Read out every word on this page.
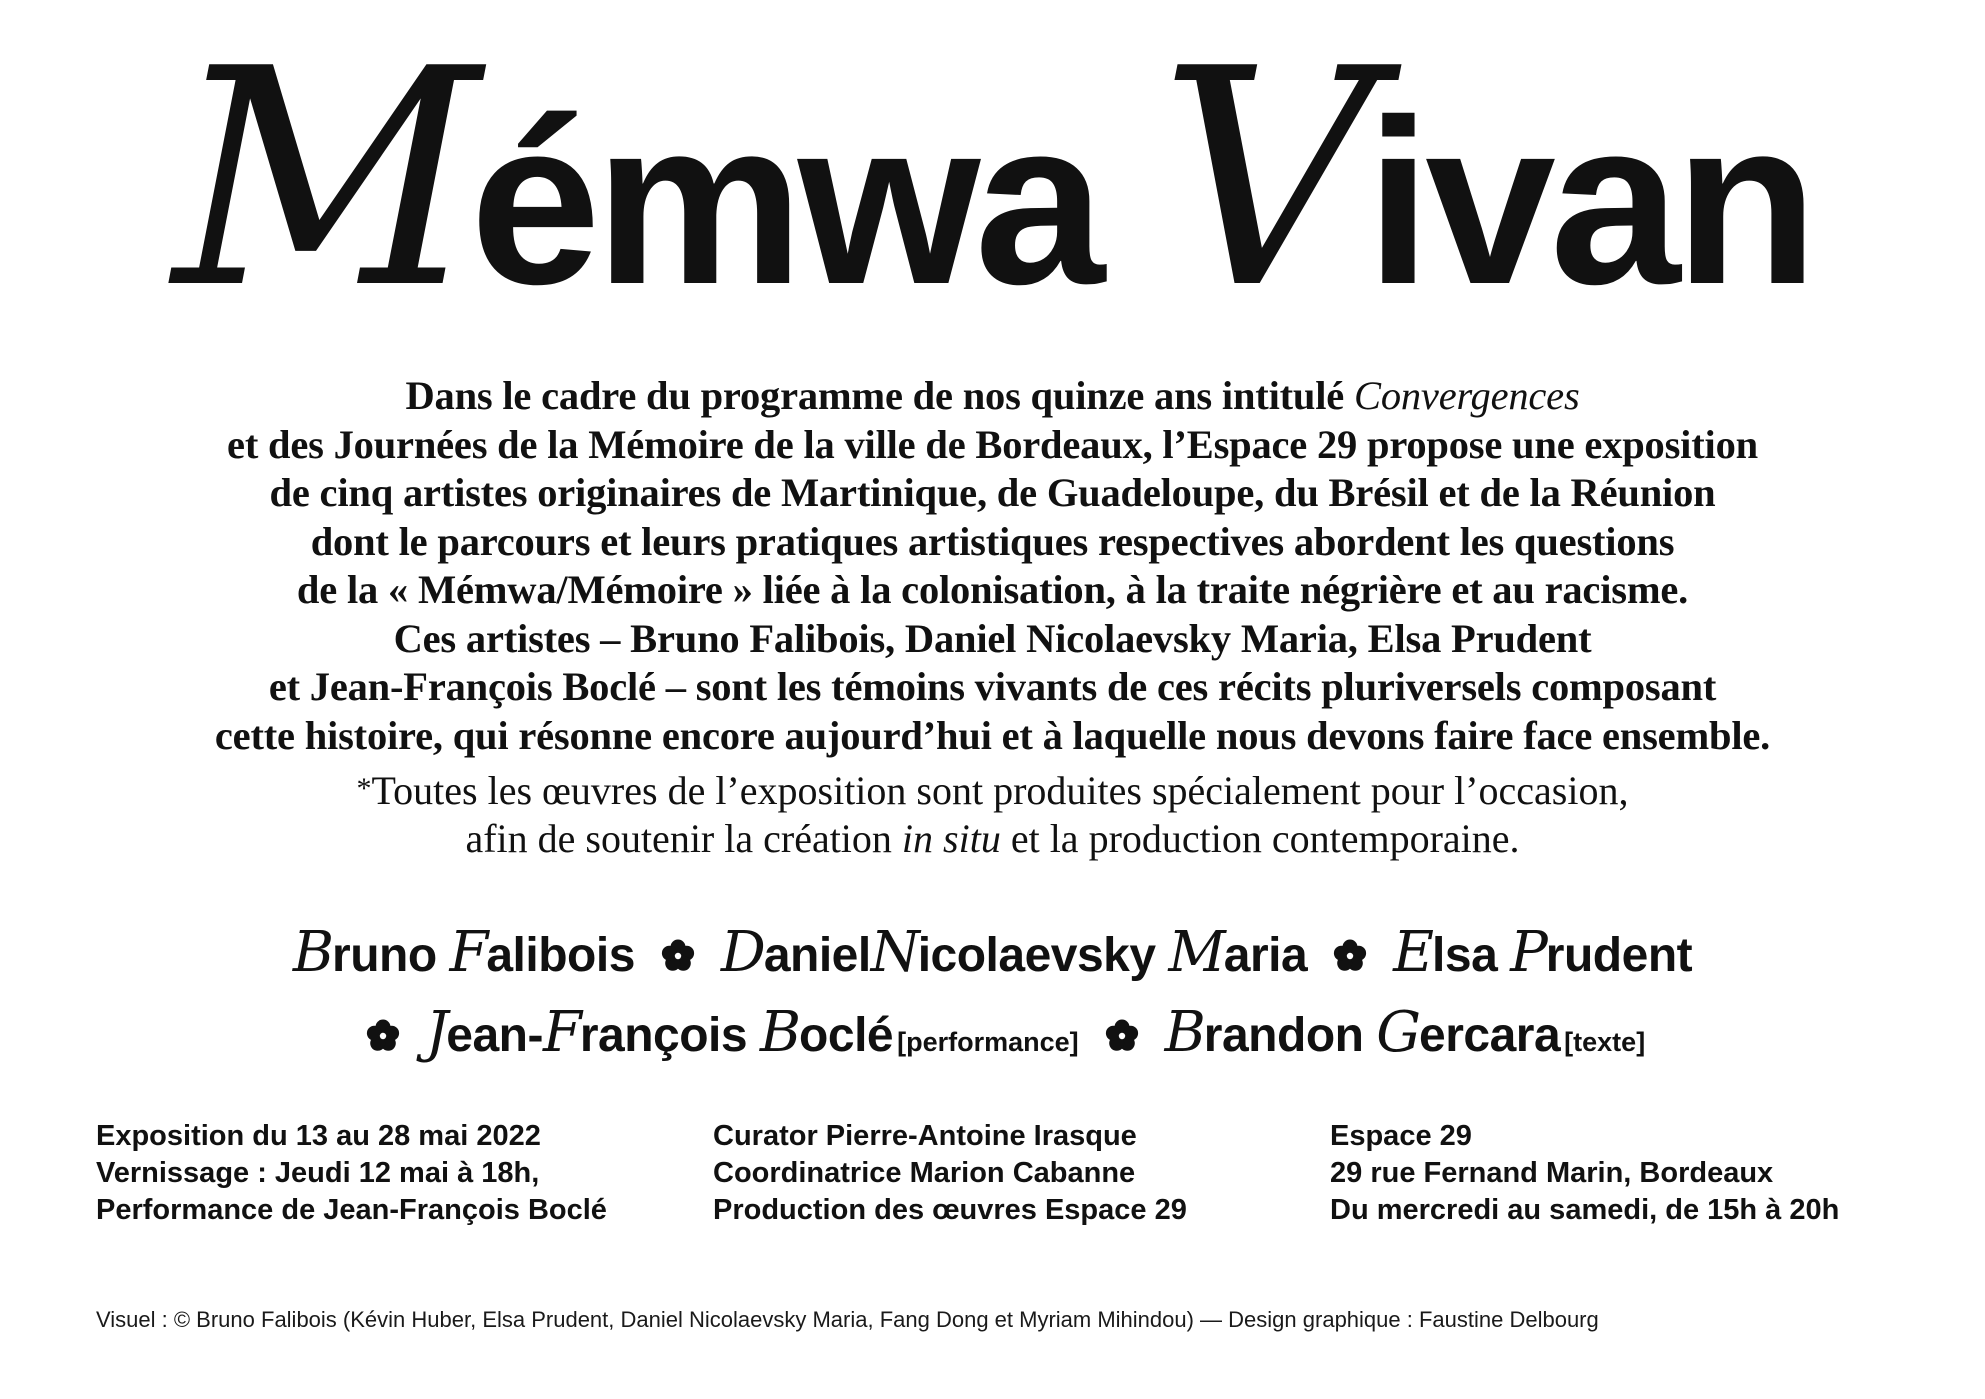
Mémwa Vivan
Dans le cadre du programme de nos quinze ans intitulé Convergences
et des Journées de la Mémoire de la ville de Bordeaux, l’Espace 29 propose une exposition
de cinq artistes originaires de Martinique, de Guadeloupe, du Brésil et de la Réunion
dont le parcours et leurs pratiques artistiques respectives abordent les questions
de la « Mémwa/Mémoire » liée à la colonisation, à la traite négrière et au racisme.
Ces artistes – Bruno Falibois, Daniel Nicolaevsky Maria, Elsa Prudent
et Jean-François Boclé – sont les témoins vivants de ces récits pluriversels composant
cette histoire, qui résonne encore aujourd’hui et à laquelle nous devons faire face ensemble.
*Toutes les œuvres de l’exposition sont produites spécialement pour l’occasion,
afin de soutenir la création in situ et la production contemporaine.
Bruno Falibois DanielNicolaevsky Maria Elsa Prudent
Jean-François Boclé [performance] Brandon Gercara [texte]
Exposition du 13 au 28 mai 2022
Vernissage : Jeudi 12 mai à 18h,
Performance de Jean-François Boclé
Curator Pierre-Antoine Irasque
Coordinatrice Marion Cabanne
Production des œuvres Espace 29
Espace 29
29 rue Fernand Marin, Bordeaux
Du mercredi au samedi, de 15h à 20h
Visuel : © Bruno Falibois (Kévin Huber, Elsa Prudent, Daniel Nicolaevsky Maria, Fang Dong et Myriam Mihindou) — Design graphique : Faustine Delbourg
